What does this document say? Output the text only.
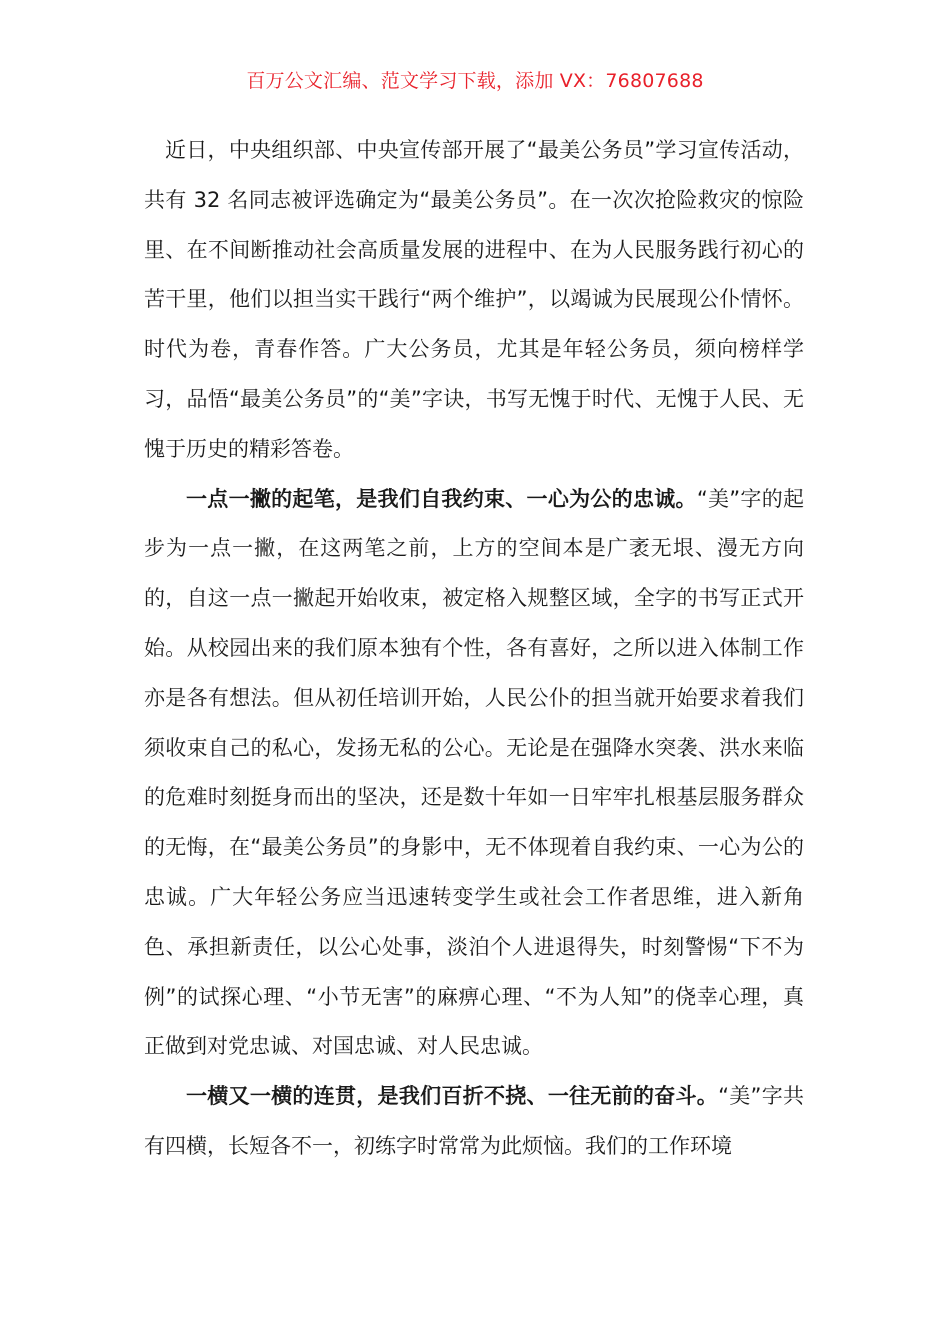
百万公文汇编、范文学习下载，添加 VX：76807688

近日，中央组织部、中央宣传部开展了“最美公务员”学习宣传活动，共有 32 名同志被评选确定为“最美公务员”。在一次次抢险救灾的惊险里、在不间断推动社会高质量发展的进程中、在为人民服务践行初心的苦干里，他们以担当实干践行“两个维护”，以竭诚为民展现公仆情怀。时代为卷，青春作答。广大公务员，尤其是年轻公务员，须向榜样学习，品悟“最美公务员”的“美”字诀，书写无愧于时代、无愧于人民、无愧于历史的精彩答卷。

一点一撇的起笔，是我们自我约束、一心为公的忠诚。“美”字的起步为一点一撇，在这两笔之前，上方的空间本是广袤无垠、漫无方向的，自这一点一撇起开始收束，被定格入规整区域，全字的书写正式开始。从校园出来的我们原本独有个性，各有喜好，之所以进入体制工作亦是各有想法。但从初任培训开始，人民公仆的担当就开始要求着我们须收束自己的私心，发扬无私的公心。无论是在强降水突袭、洪水来临的危难时刻挺身而出的坚决，还是数十年如一日牢牢扎根基层服务群众的无悔，在“最美公务员”的身影中，无不体现着自我约束、一心为公的忠诚。广大年轻公务应当迅速转变学生或社会工作者思维，进入新角色、承担新责任，以公心处事，淡泊个人进退得失，时刻警惕“下不为例”的试探心理、“小节无害”的麻痹心理、“不为人知”的侥幸心理，真正做到对党忠诚、对国忠诚、对人民忠诚。

一横又一横的连贯，是我们百折不挠、一往无前的奋斗。“美”字共有四横，长短各不一，初练字时常常为此烦恼。我们的工作环境
